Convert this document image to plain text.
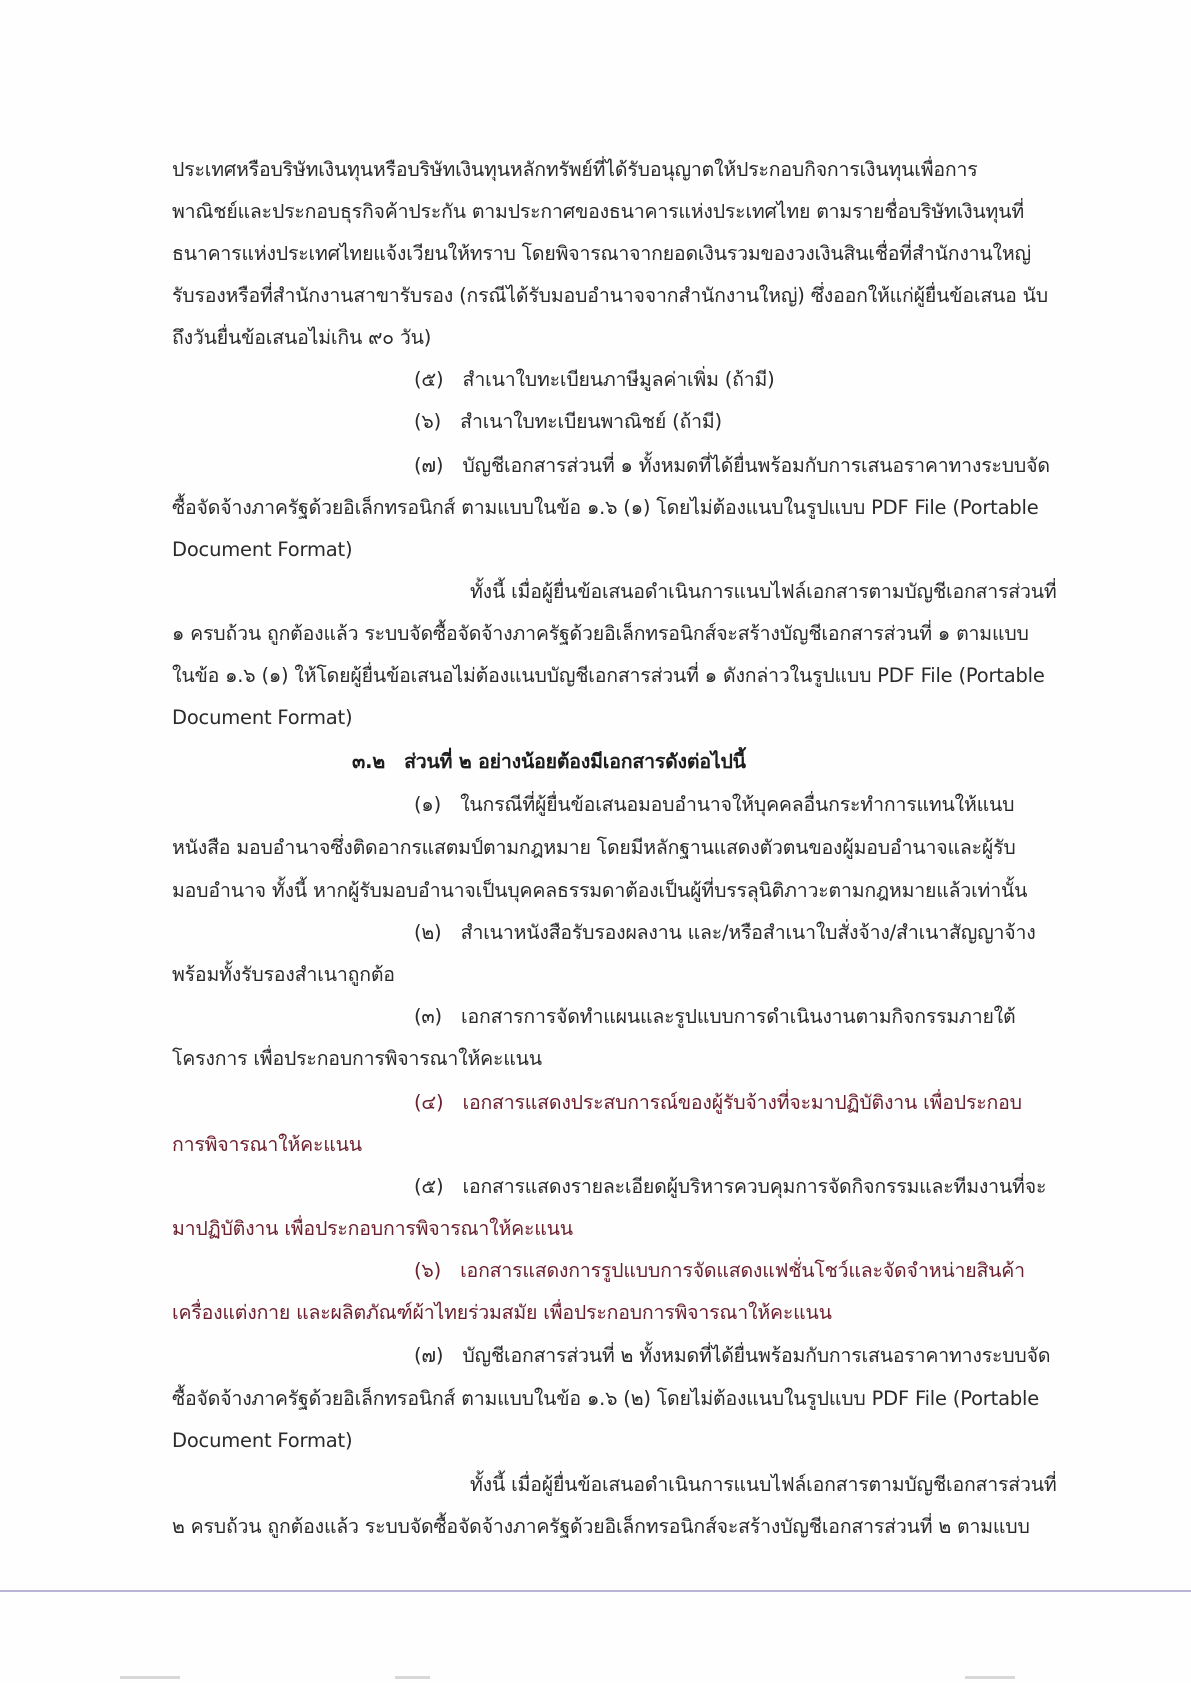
ประเทศหรือบริษัทเงินทุนหรือบริษัทเงินทุนหลักทรัพย์ที่ได้รับอนุญาตให้ประกอบกิจการเงินทุนเพื่อการ
พาณิชย์และประกอบธุรกิจค้าประกัน ตามประกาศของธนาคารแห่งประเทศไทย ตามรายชื่อบริษัทเงินทุนที่
ธนาคารแห่งประเทศไทยแจ้งเวียนให้ทราบ โดยพิจารณาจากยอดเงินรวมของวงเงินสินเชื่อที่สำนักงานใหญ่
รับรองหรือที่สำนักงานสาขารับรอง (กรณีได้รับมอบอำนาจจากสำนักงานใหญ่) ซึ่งออกให้แก่ผู้ยื่นข้อเสนอ นับ
ถึงวันยื่นข้อเสนอไม่เกิน ๙๐ วัน)
(๕)  สำเนาใบทะเบียนภาษีมูลค่าเพิ่ม (ถ้ามี)
(๖)  สำเนาใบทะเบียนพาณิชย์ (ถ้ามี)
(๗)  บัญชีเอกสารส่วนที่ ๑ ทั้งหมดที่ได้ยื่นพร้อมกับการเสนอราคาทางระบบจัด
ซื้อจัดจ้างภาครัฐด้วยอิเล็กทรอนิกส์ ตามแบบในข้อ ๑.๖ (๑) โดยไม่ต้องแนบในรูปแบบ PDF File (Portable
Document Format)
ทั้งนี้ เมื่อผู้ยื่นข้อเสนอดำเนินการแนบไฟล์เอกสารตามบัญชีเอกสารส่วนที่
๑ ครบถ้วน ถูกต้องแล้ว ระบบจัดซื้อจัดจ้างภาครัฐด้วยอิเล็กทรอนิกส์จะสร้างบัญชีเอกสารส่วนที่ ๑ ตามแบบ
ในข้อ ๑.๖ (๑) ให้โดยผู้ยื่นข้อเสนอไม่ต้องแนบบัญชีเอกสารส่วนที่ ๑ ดังกล่าวในรูปแบบ PDF File (Portable
Document Format)
๓.๒  ส่วนที่ ๒ อย่างน้อยต้องมีเอกสารดังต่อไปนี้
(๑)  ในกรณีที่ผู้ยื่นข้อเสนอมอบอำนาจให้บุคคลอื่นกระทำการแทนให้แนบ
หนังสือ มอบอำนาจซึ่งติดอากรแสตมป์ตามกฎหมาย โดยมีหลักฐานแสดงตัวตนของผู้มอบอำนาจและผู้รับ
มอบอำนาจ ทั้งนี้ หากผู้รับมอบอำนาจเป็นบุคคลธรรมดาต้องเป็นผู้ที่บรรลุนิติภาวะตามกฎหมายแล้วเท่านั้น
(๒)  สำเนาหนังสือรับรองผลงาน และ/หรือสำเนาใบสั่งจ้าง/สำเนาสัญญาจ้าง
พร้อมทั้งรับรองสำเนาถูกต้อ
(๓)  เอกสารการจัดทำแผนและรูปแบบการดำเนินงานตามกิจกรรมภายใต้
โครงการ เพื่อประกอบการพิจารณาให้คะแนน
(๔)  เอกสารแสดงประสบการณ์ของผู้รับจ้างที่จะมาปฏิบัติงาน เพื่อประกอบ
การพิจารณาให้คะแนน
(๕)  เอกสารแสดงรายละเอียดผู้บริหารควบคุมการจัดกิจกรรมและทีมงานที่จะ
มาปฏิบัติงาน เพื่อประกอบการพิจารณาให้คะแนน
(๖)  เอกสารแสดงการรูปแบบการจัดแสดงแฟชั่นโชว์และจัดจำหน่ายสินค้า
เครื่องแต่งกาย และผลิตภัณฑ์ผ้าไทยร่วมสมัย เพื่อประกอบการพิจารณาให้คะแนน
(๗)  บัญชีเอกสารส่วนที่ ๒ ทั้งหมดที่ได้ยื่นพร้อมกับการเสนอราคาทางระบบจัด
ซื้อจัดจ้างภาครัฐด้วยอิเล็กทรอนิกส์ ตามแบบในข้อ ๑.๖ (๒) โดยไม่ต้องแนบในรูปแบบ PDF File (Portable
Document Format)
ทั้งนี้ เมื่อผู้ยื่นข้อเสนอดำเนินการแนบไฟล์เอกสารตามบัญชีเอกสารส่วนที่
๒ ครบถ้วน ถูกต้องแล้ว ระบบจัดซื้อจัดจ้างภาครัฐด้วยอิเล็กทรอนิกส์จะสร้างบัญชีเอกสารส่วนที่ ๒ ตามแบบ
